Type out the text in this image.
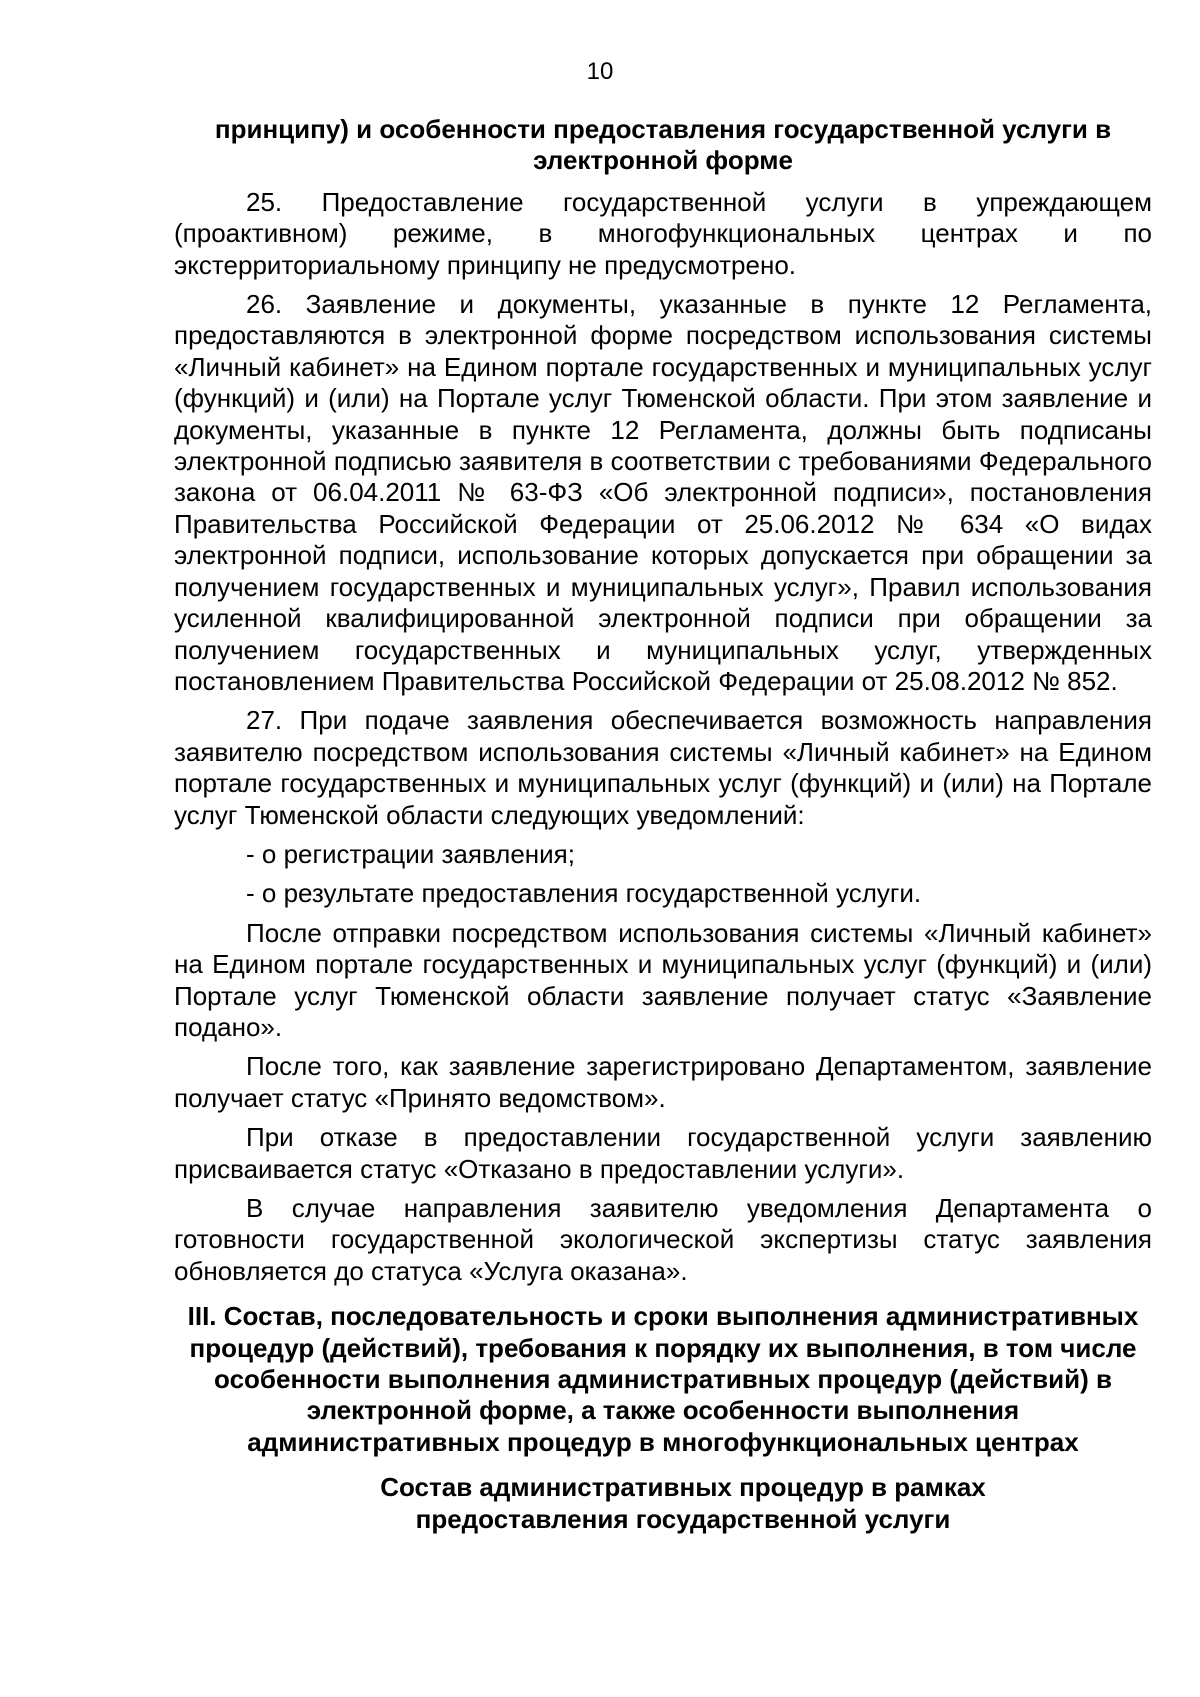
10

принципу) и особенности предоставления государственной услуги в электронной форме

25. Предоставление государственной услуги в упреждающем (проактивном) режиме, в многофункциональных центрах и по экстерриториальному принципу не предусмотрено.

26. Заявление и документы, указанные в пункте 12 Регламента, предоставляются в электронной форме посредством использования системы «Личный кабинет» на Едином портале государственных и муниципальных услуг (функций) и (или) на Портале услуг Тюменской области. При этом заявление и документы, указанные в пункте 12 Регламента, должны быть подписаны электронной подписью заявителя в соответствии с требованиями Федерального закона от 06.04.2011 № 63-ФЗ «Об электронной подписи», постановления Правительства Российской Федерации от 25.06.2012 № 634 «О видах электронной подписи, использование которых допускается при обращении за получением государственных и муниципальных услуг», Правил использования усиленной квалифицированной электронной подписи при обращении за получением государственных и муниципальных услуг, утвержденных постановлением Правительства Российской Федерации от 25.08.2012 № 852.

27. При подаче заявления обеспечивается возможность направления заявителю посредством использования системы «Личный кабинет» на Едином портале государственных и муниципальных услуг (функций) и (или) на Портале услуг Тюменской области следующих уведомлений:

- о регистрации заявления;

- о результате предоставления государственной услуги.

После отправки посредством использования системы «Личный кабинет» на Едином портале государственных и муниципальных услуг (функций) и (или) Портале услуг Тюменской области заявление получает статус «Заявление подано».

После того, как заявление зарегистрировано Департаментом, заявление получает статус «Принято ведомством».

При отказе в предоставлении государственной услуги заявлению присваивается статус «Отказано в предоставлении услуги».

В случае направления заявителю уведомления Департамента о готовности государственной экологической экспертизы статус заявления обновляется до статуса «Услуга оказана».

III. Состав, последовательность и сроки выполнения административных процедур (действий), требования к порядку их выполнения, в том числе особенности выполнения административных процедур (действий) в электронной форме, а также особенности выполнения административных процедур в многофункциональных центрах

Состав административных процедур в рамках предоставления государственной услуги
